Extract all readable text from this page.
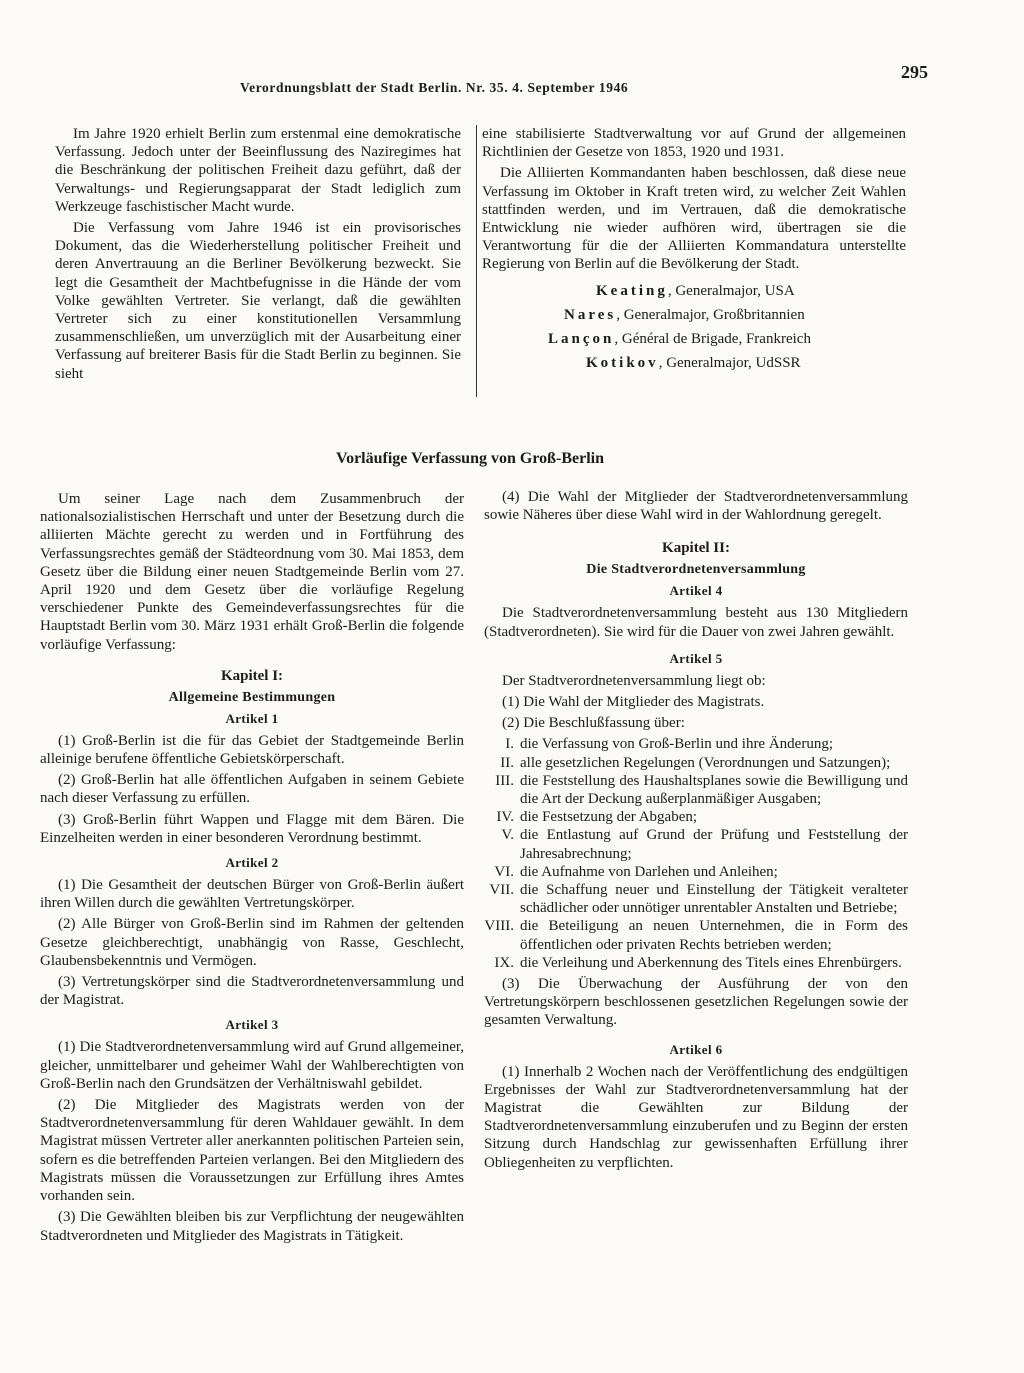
Verordnungsblatt der Stadt Berlin. Nr. 35. 4. September 1946
295

Im Jahre 1920 erhielt Berlin zum erstenmal eine demokratische Verfassung. Jedoch unter der Beeinflussung des Naziregimes hat die Beschränkung der politischen Freiheit dazu geführt, daß der Verwaltungs- und Regierungsapparat der Stadt lediglich zum Werkzeuge faschistischer Macht wurde.

Die Verfassung vom Jahre 1946 ist ein provisorisches Dokument, das die Wiederherstellung politischer Freiheit und deren Anvertrauung an die Berliner Bevölkerung bezweckt. Sie legt die Gesamtheit der Machtbefugnisse in die Hände der vom Volke gewählten Vertreter. Sie verlangt, daß die gewählten Vertreter sich zu einer konstitutionellen Versammlung zusammenschließen, um unverzüglich mit der Ausarbeitung einer Verfassung auf breiterer Basis für die Stadt Berlin zu beginnen. Sie sieht

eine stabilisierte Stadtverwaltung vor auf Grund der allgemeinen Richtlinien der Gesetze von 1853, 1920 und 1931.

Die Alliierten Kommandanten haben beschlossen, daß diese neue Verfassung im Oktober in Kraft treten wird, zu welcher Zeit Wahlen stattfinden werden, und im Vertrauen, daß die demokratische Entwicklung nie wieder aufhören wird, übertragen sie die Verantwortung für die der Alliierten Kommandatura unterstellte Regierung von Berlin auf die Bevölkerung der Stadt.

Keating, Generalmajor, USA

Nares, Generalmajor, Großbritannien

Lançon, Général de Brigade, Frankreich

Kotikov, Generalmajor, UdSSR

Vorläufige Verfassung von Groß-Berlin

Um seiner Lage nach dem Zusammenbruch der nationalsozialistischen Herrschaft und unter der Besetzung durch die alliierten Mächte gerecht zu werden und in Fortführung des Verfassungsrechtes gemäß der Städteordnung vom 30. Mai 1853, dem Gesetz über die Bildung einer neuen Stadtgemeinde Berlin vom 27. April 1920 und dem Gesetz über die vorläufige Regelung verschiedener Punkte des Gemeindeverfassungsrechtes für die Hauptstadt Berlin vom 30. März 1931 erhält Groß-Berlin die folgende vorläufige Verfassung:

Kapitel I:
Allgemeine Bestimmungen
Artikel 1

(1) Groß-Berlin ist die für das Gebiet der Stadtgemeinde Berlin alleinige berufene öffentliche Gebietskörperschaft.

(2) Groß-Berlin hat alle öffentlichen Aufgaben in seinem Gebiete nach dieser Verfassung zu erfüllen.

(3) Groß-Berlin führt Wappen und Flagge mit dem Bären. Die Einzelheiten werden in einer besonderen Verordnung bestimmt.

Artikel 2

(1) Die Gesamtheit der deutschen Bürger von Groß-Berlin äußert ihren Willen durch die gewählten Vertretungskörper.

(2) Alle Bürger von Groß-Berlin sind im Rahmen der geltenden Gesetze gleichberechtigt, unabhängig von Rasse, Geschlecht, Glaubensbekenntnis und Vermögen.

(3) Vertretungskörper sind die Stadtverordnetenversammlung und der Magistrat.

Artikel 3

(1) Die Stadtverordnetenversammlung wird auf Grund allgemeiner, gleicher, unmittelbarer und geheimer Wahl der Wahlberechtigten von Groß-Berlin nach den Grundsätzen der Verhältniswahl gebildet.

(2) Die Mitglieder des Magistrats werden von der Stadtverordnetenversammlung für deren Wahldauer gewählt. In dem Magistrat müssen Vertreter aller anerkannten politischen Parteien sein, sofern es die betreffenden Parteien verlangen. Bei den Mitgliedern des Magistrats müssen die Voraussetzungen zur Erfüllung ihres Amtes vorhanden sein.

(3) Die Gewählten bleiben bis zur Verpflichtung der neugewählten Stadtverordneten und Mitglieder des Magistrats in Tätigkeit.

(4) Die Wahl der Mitglieder der Stadtverordnetenversammlung sowie Näheres über diese Wahl wird in der Wahlordnung geregelt.

Kapitel II:
Die Stadtverordnetenversammlung
Artikel 4

Die Stadtverordnetenversammlung besteht aus 130 Mitgliedern (Stadtverordneten). Sie wird für die Dauer von zwei Jahren gewählt.

Artikel 5

Der Stadtverordnetenversammlung liegt ob:

(1) Die Wahl der Mitglieder des Magistrats.

(2) Die Beschlußfassung über:

I. die Verfassung von Groß-Berlin und ihre Änderung;
II. alle gesetzlichen Regelungen (Verordnungen und Satzungen);
III. die Feststellung des Haushaltsplanes sowie die Bewilligung und die Art der Deckung außerplanmäßiger Ausgaben;
IV. die Festsetzung der Abgaben;
V. die Entlastung auf Grund der Prüfung und Feststellung der Jahresabrechnung;
VI. die Aufnahme von Darlehen und Anleihen;
VII. die Schaffung neuer und Einstellung der Tätigkeit veralteter schädlicher oder unnötiger unrentabler Anstalten und Betriebe;
VIII. die Beteiligung an neuen Unternehmen, die in Form des öffentlichen oder privaten Rechts betrieben werden;
IX. die Verleihung und Aberkennung des Titels eines Ehrenbürgers.

(3) Die Überwachung der Ausführung der von den Vertretungskörpern beschlossenen gesetzlichen Regelungen sowie der gesamten Verwaltung.

Artikel 6

(1) Innerhalb 2 Wochen nach der Veröffentlichung des endgültigen Ergebnisses der Wahl zur Stadtverordnetenversammlung hat der Magistrat die Gewählten zur Bildung der Stadtverordnetenversammlung einzuberufen und zu Beginn der ersten Sitzung durch Handschlag zur gewissenhaften Erfüllung ihrer Obliegenheiten zu verpflichten.
